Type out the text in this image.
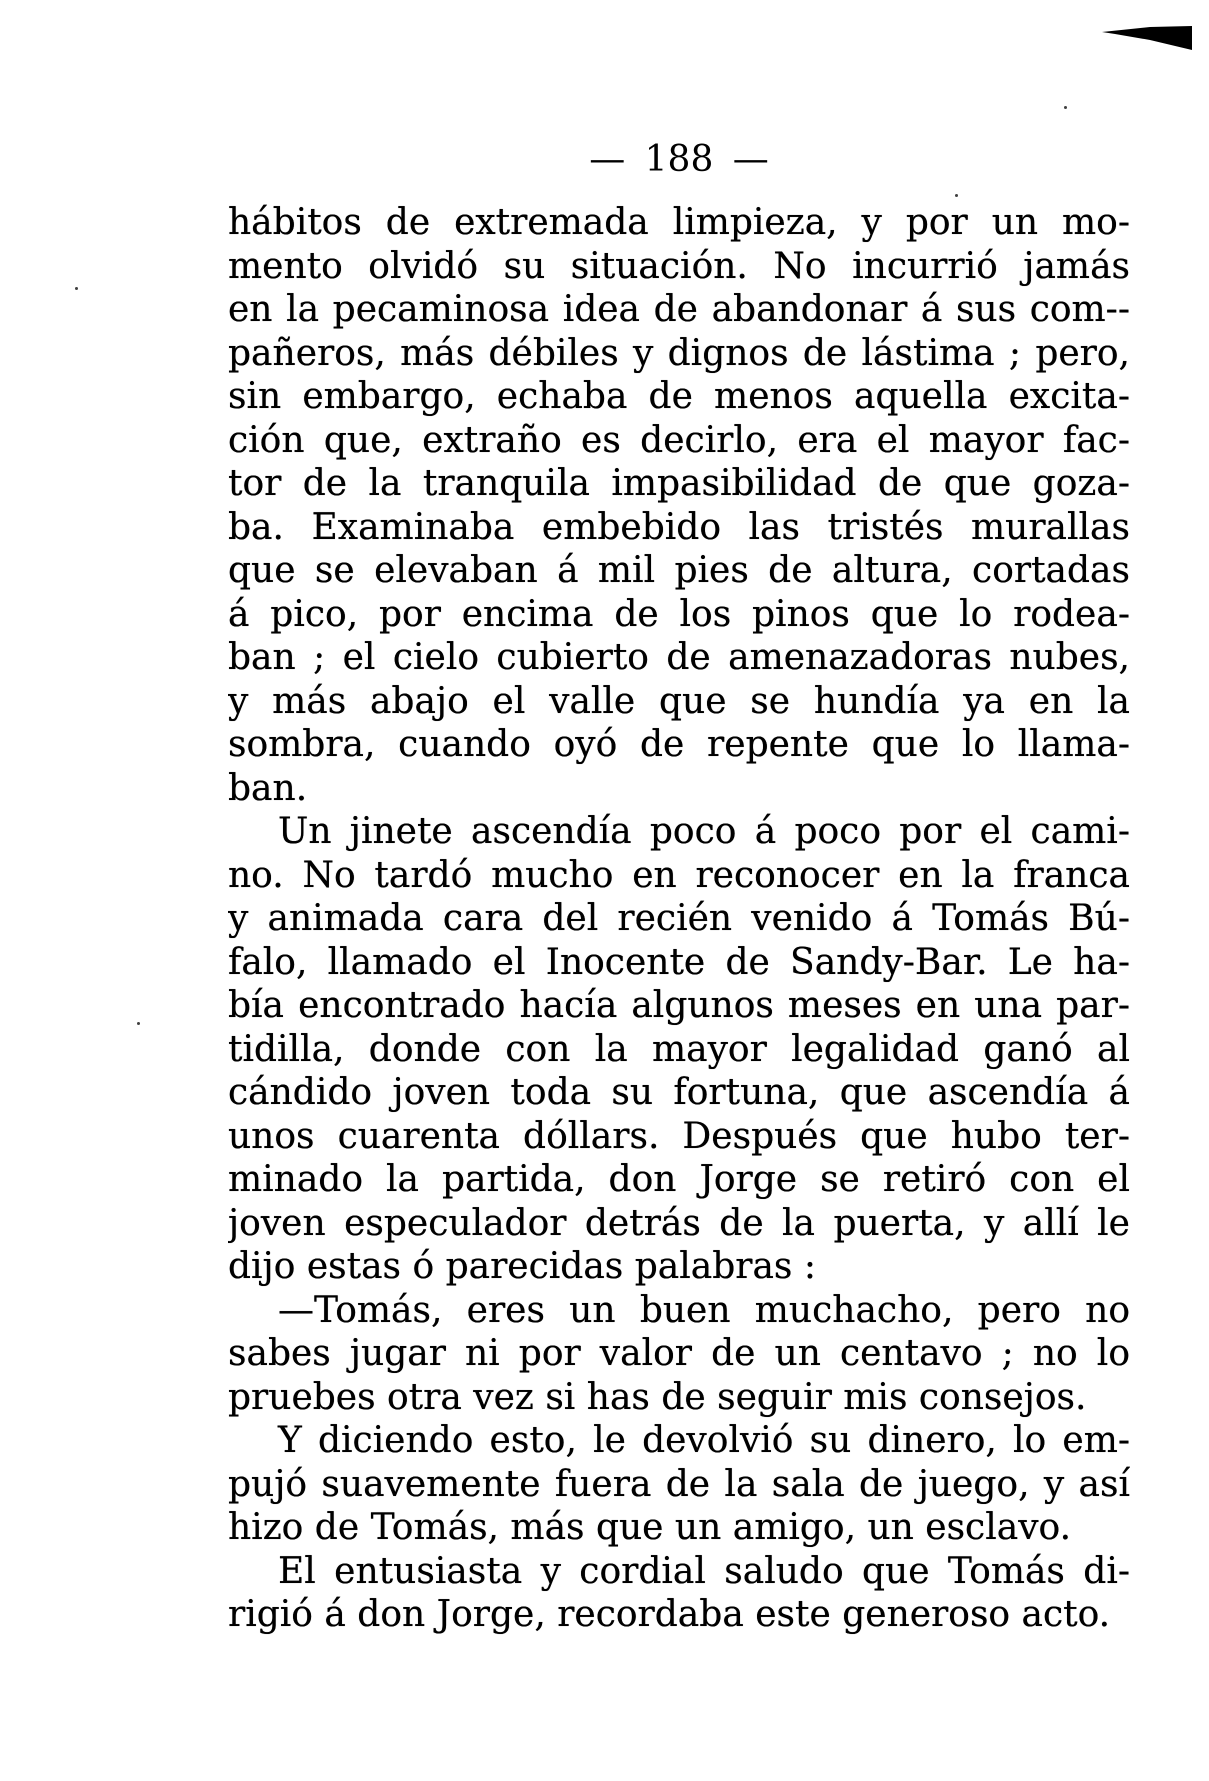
— 188 —
hábitos de extremada limpieza, y por un mo-
mento olvidó su situación. No incurrió jamás
en la pecaminosa idea de abandonar á sus com--
pañeros, más débiles y dignos de lástima ; pero,
sin embargo, echaba de menos aquella excita-
ción que, extraño es decirlo, era el mayor fac-
tor de la tranquila impasibilidad de que goza-
ba. Examinaba embebido las tristés murallas
que se elevaban á mil pies de altura, cortadas
á pico, por encima de los pinos que lo rodea-
ban ; el cielo cubierto de amenazadoras nubes,
y más abajo el valle que se hundía ya en la
sombra, cuando oyó de repente que lo llama-
ban.
Un jinete ascendía poco á poco por el cami-
no. No tardó mucho en reconocer en la franca
y animada cara del recién venido á Tomás Bú-
falo, llamado el Inocente de Sandy-Bar. Le ha-
bía encontrado hacía algunos meses en una par-
tidilla, donde con la mayor legalidad ganó al
cándido joven toda su fortuna, que ascendía á
unos cuarenta dóllars. Después que hubo ter-
minado la partida, don Jorge se retiró con el
joven especulador detrás de la puerta, y allí le
dijo estas ó parecidas palabras :
—Tomás, eres un buen muchacho, pero no
sabes jugar ni por valor de un centavo ; no lo
pruebes otra vez si has de seguir mis consejos.
Y diciendo esto, le devolvió su dinero, lo em-
pujó suavemente fuera de la sala de juego, y así
hizo de Tomás, más que un amigo, un esclavo.
El entusiasta y cordial saludo que Tomás di-
rigió á don Jorge, recordaba este generoso acto.
